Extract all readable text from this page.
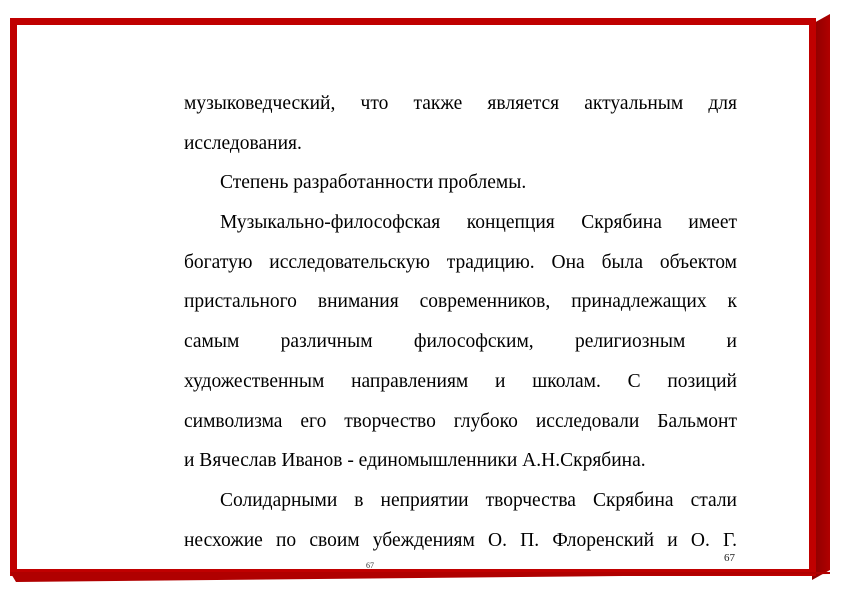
музыковедческий, что также является актуальным для
исследования.
Степень разработанности проблемы.
Музыкально-философская концепция Скрябина имеет
богатую исследовательскую традицию. Она была объектом
пристального внимания современников, принадлежащих к
самым различным философским, религиозным и
художественным направлениям и школам. С позиций
символизма его творчество глубоко исследовали Бальмонт
и Вячеслав Иванов - единомышленники А.Н.Скрябина.
Солидарными в неприятии творчества Скрябина стали
несхожие по своим убеждениям О. П. Флоренский и О. Г.
67
67
